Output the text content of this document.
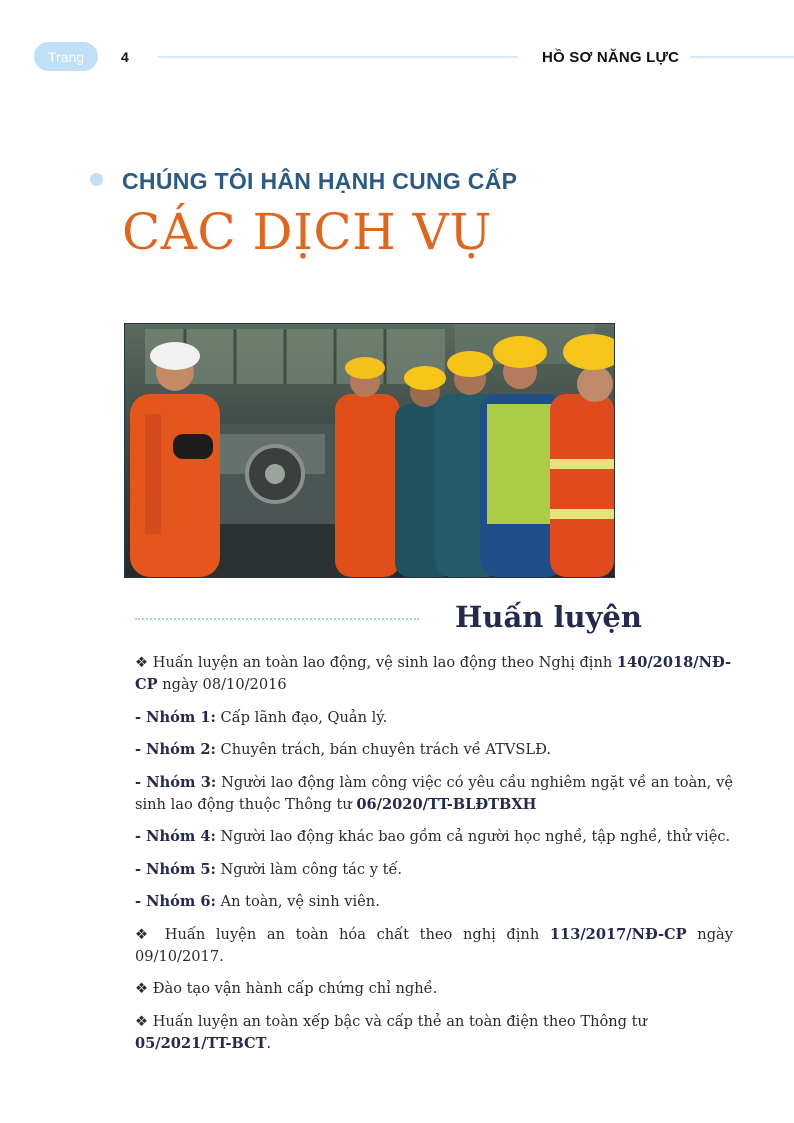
Trang	4	HỒ SƠ NĂNG LỰC
CHÚNG TÔI HÂN HẠNH CUNG CẤP
CÁC DỊCH VỤ
Huấn luyện

❖ Huấn luyện an toàn lao động, vệ sinh lao động theo Nghị định 140/2018/NĐ-CP ngày 08/10/2016

- Nhóm 1: Cấp lãnh đạo, Quản lý.

- Nhóm 2: Chuyên trách, bán chuyên trách về ATVSLĐ.

- Nhóm 3: Người lao động làm công việc có yêu cầu nghiêm ngặt về an toàn, vệ sinh lao động thuộc Thông tư 06/2020/TT-BLĐTBXH

- Nhóm 4: Người lao động khác bao gồm cả người học nghề, tập nghề, thử việc.

- Nhóm 5: Người làm công tác y tế.

- Nhóm 6: An toàn, vệ sinh viên.

❖ Huấn luyện an toàn hóa chất theo nghị định 113/2017/NĐ-CP ngày 09/10/2017.

❖ Đào tạo vận hành cấp chứng chỉ nghề.

❖ Huấn luyện an toàn xếp bậc và cấp thẻ an toàn điện theo Thông tư 05/2021/TT-BCT.
